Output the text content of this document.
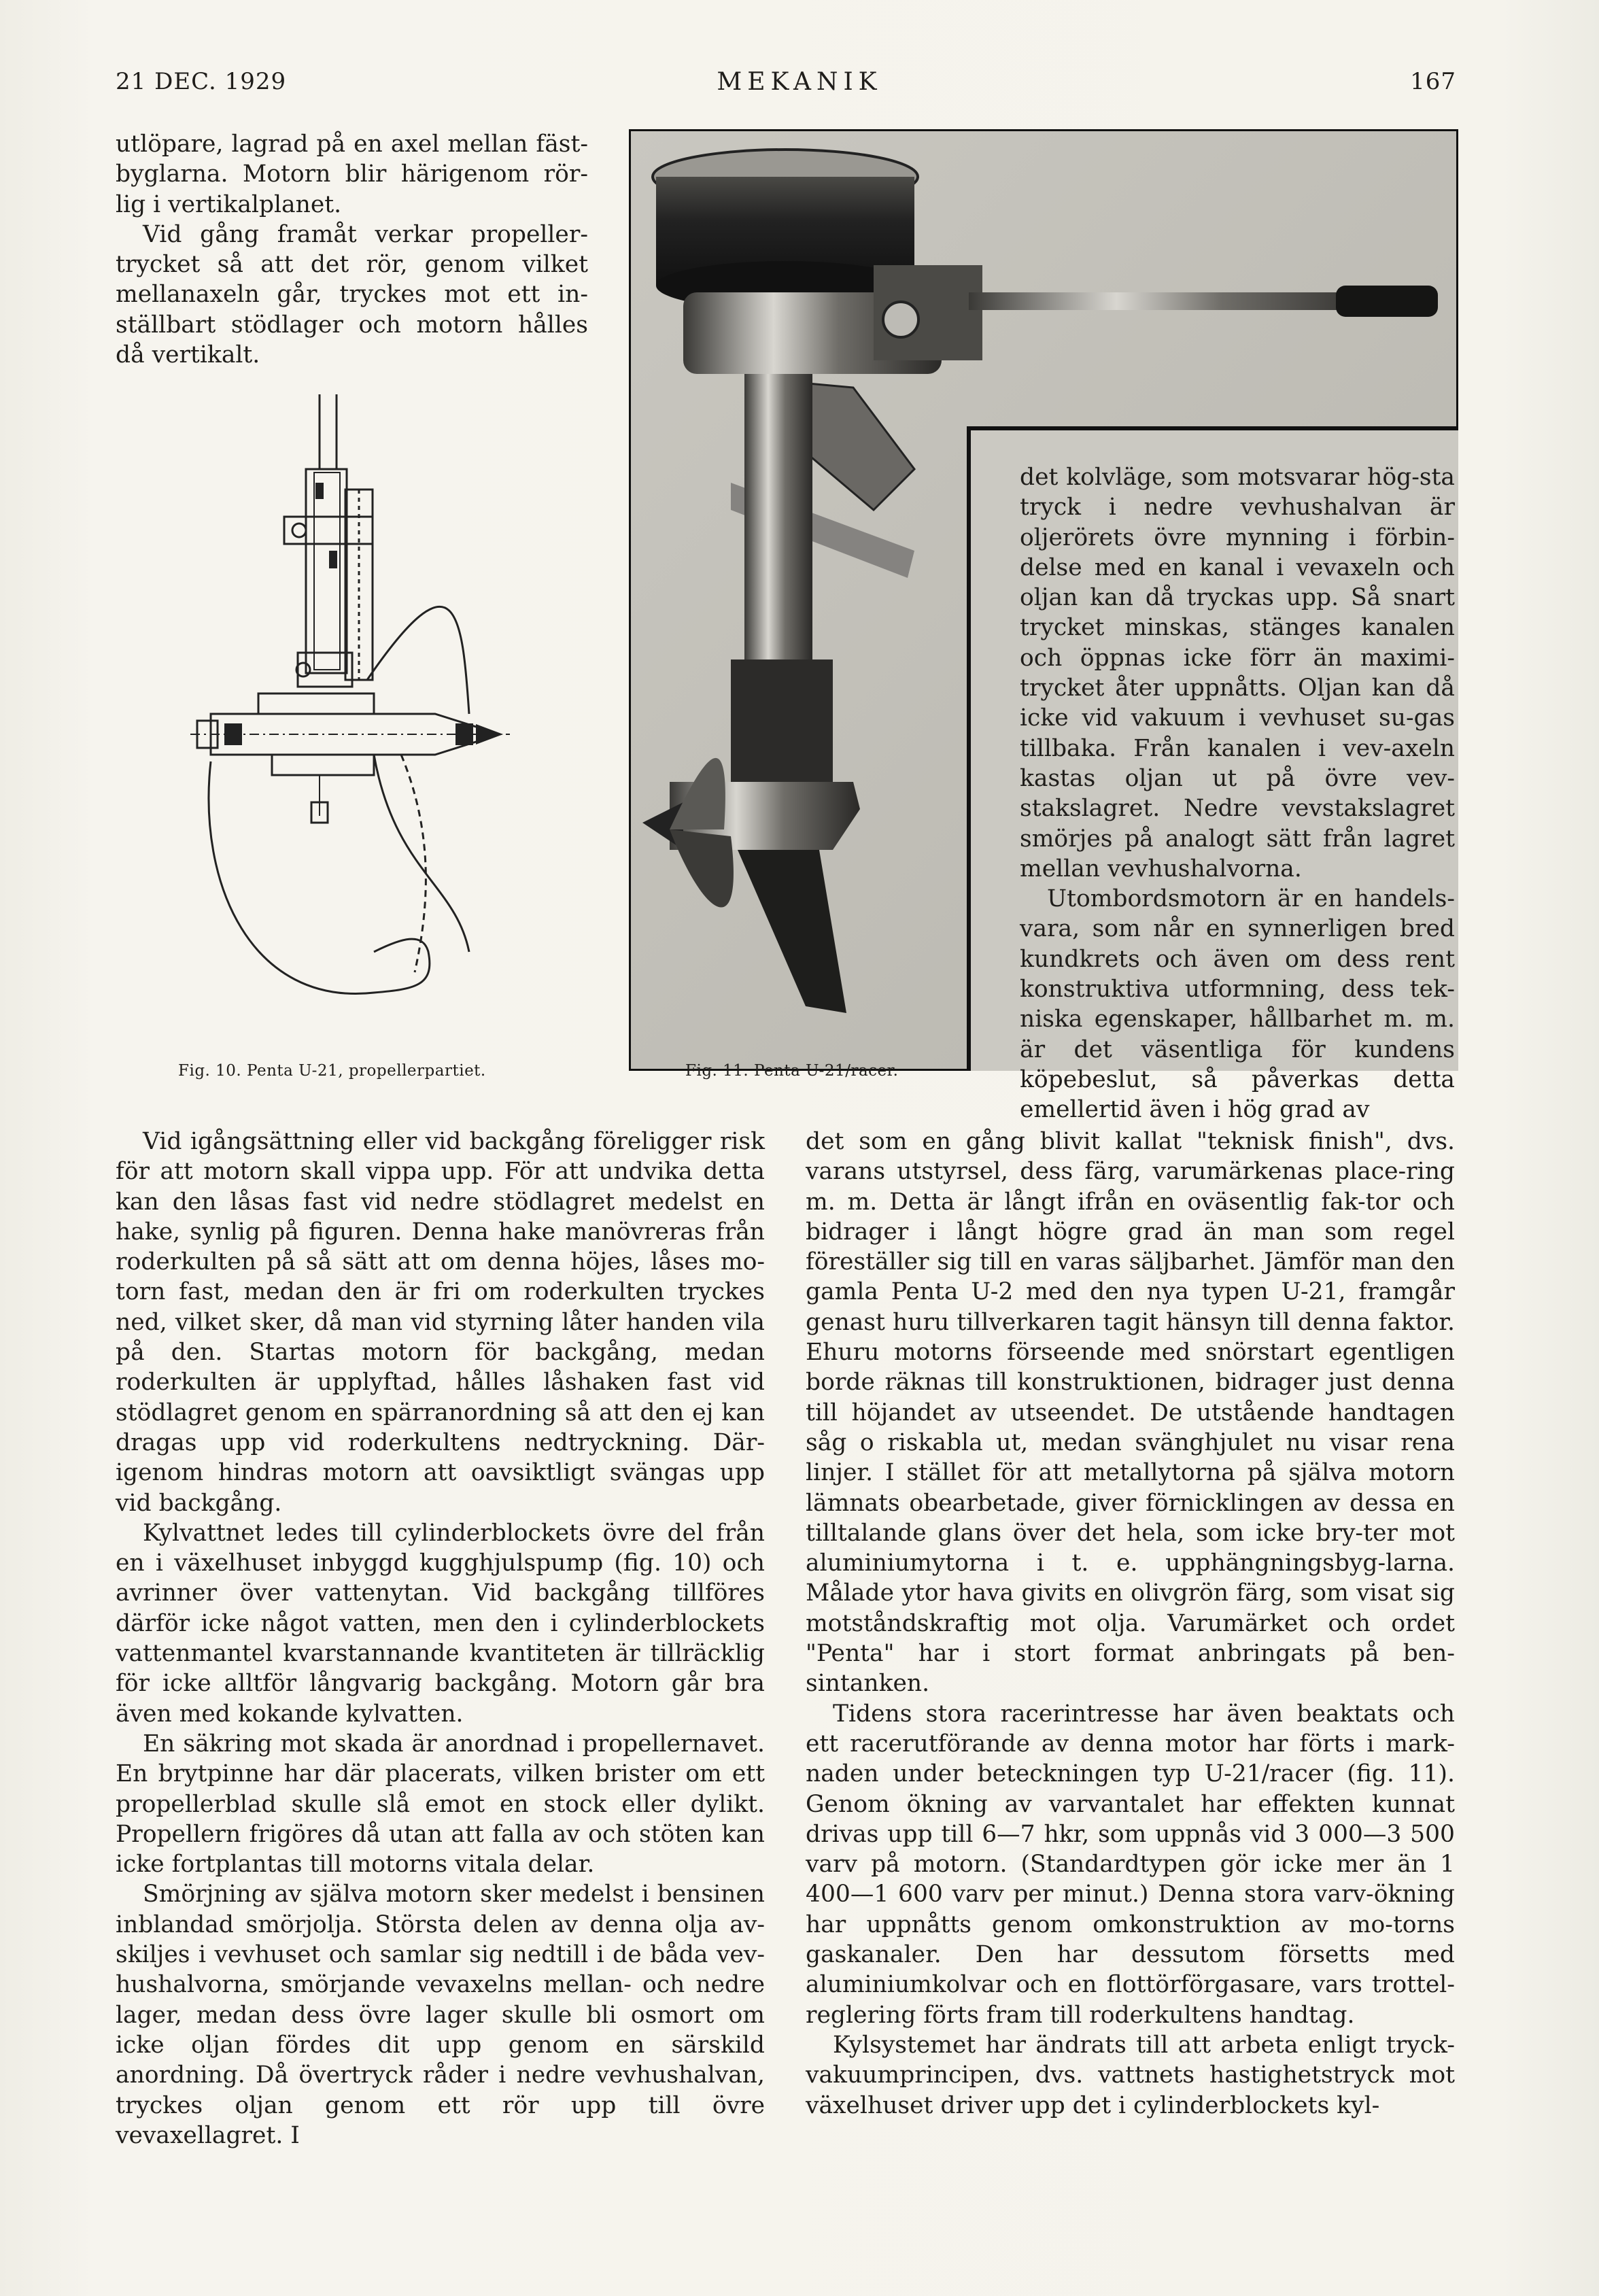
21 DEC. 1929	MEKANIK	167

utlöpare, lagrad på en axel mellan fäst-byglarna. Motorn blir härigenom rör-lig i vertikalplanet.

Vid gång framåt verkar propeller-trycket så att det rör, genom vilket mellanaxeln går, tryckes mot ett in-ställbart stödlager och motorn hålles då vertikalt.

det kolvläge, som motsvarar hög-sta tryck i nedre vevhushalvan är oljerörets övre mynning i förbin-delse med en kanal i vevaxeln och oljan kan då tryckas upp. Så snart trycket minskas, stänges kanalen och öppnas icke förr än maximi-trycket åter uppnåtts. Oljan kan då icke vid vakuum i vevhuset su-gas tillbaka. Från kanalen i vev-axeln kastas oljan ut på övre vev-stakslagret. Nedre vevstakslagret smörjes på analogt sätt från lagret mellan vevhushalvorna.

Utombordsmotorn är en handels-vara, som når en synnerligen bred kundkrets och även om dess rent konstruktiva utformning, dess tek-niska egenskaper, hållbarhet m. m. är det väsentliga för kundens köpebeslut, så påverkas detta emellertid även i hög grad av

Fig. 10. Penta U-21, propellerpartiet.	Fig. 11. Penta U-21/racer.

Vid igångsättning eller vid backgång föreligger risk för att motorn skall vippa upp. För att undvika detta kan den låsas fast vid nedre stödlagret medelst en hake, synlig på figuren. Denna hake manövreras från roderkulten på så sätt att om denna höjes, låses mo-torn fast, medan den är fri om roderkulten tryckes ned, vilket sker, då man vid styrning låter handen vila på den. Startas motorn för backgång, medan roderkulten är upplyftad, hålles låshaken fast vid stödlagret genom en spärranordning så att den ej kan dragas upp vid roderkultens nedtryckning. Där-igenom hindras motorn att oavsiktligt svängas upp vid backgång.

Kylvattnet ledes till cylinderblockets övre del från en i växelhuset inbyggd kugghjulspump (fig. 10) och avrinner över vattenytan. Vid backgång tillföres därför icke något vatten, men den i cylinderblockets vattenmantel kvarstannande kvantiteten är tillräcklig för icke alltför långvarig backgång. Motorn går bra även med kokande kylvatten.

En säkring mot skada är anordnad i propellernavet. En brytpinne har där placerats, vilken brister om ett propellerblad skulle slå emot en stock eller dylikt. Propellern frigöres då utan att falla av och stöten kan icke fortplantas till motorns vitala delar.

Smörjning av själva motorn sker medelst i bensinen inblandad smörjolja. Största delen av denna olja av-skiljes i vevhuset och samlar sig nedtill i de båda vev-hushalvorna, smörjande vevaxelns mellan- och nedre lager, medan dess övre lager skulle bli osmort om icke oljan fördes dit upp genom en särskild anordning. Då övertryck råder i nedre vevhushalvan, tryckes oljan genom ett rör upp till övre vevaxellagret. I

det som en gång blivit kallat "teknisk finish", dvs. varans utstyrsel, dess färg, varumärkenas place-ring m. m. Detta är långt ifrån en oväsentlig fak-tor och bidrager i långt högre grad än man som regel föreställer sig till en varas säljbarhet. Jämför man den gamla Penta U-2 med den nya typen U-21, framgår genast huru tillverkaren tagit hänsyn till denna faktor. Ehuru motorns förseende med snörstart egentligen borde räknas till konstruktionen, bidrager just denna till höjandet av utseendet. De utstående handtagen såg o riskabla ut, medan svänghjulet nu visar rena linjer. I stället för att metallytorna på själva motorn lämnats obearbetade, giver förnicklingen av dessa en tilltalande glans över det hela, som icke bry-ter mot aluminiumytorna i t. e. upphängningsbyg-larna. Målade ytor hava givits en olivgrön färg, som visat sig motståndskraftig mot olja. Varumärket och ordet "Penta" har i stort format anbringats på ben-sintanken.

Tidens stora racerintresse har även beaktats och ett racerutförande av denna motor har förts i mark-naden under beteckningen typ U-21/racer (fig. 11). Genom ökning av varvantalet har effekten kunnat drivas upp till 6—7 hkr, som uppnås vid 3 000—3 500 varv på motorn. (Standardtypen gör icke mer än 1 400—1 600 varv per minut.) Denna stora varv-ökning har uppnåtts genom omkonstruktion av mo-torns gaskanaler. Den har dessutom försetts med aluminiumkolvar och en flottörförgasare, vars trottel-reglering förts fram till roderkultens handtag.

Kylsystemet har ändrats till att arbeta enligt tryck-vakuumprincipen, dvs. vattnets hastighetstryck mot växelhuset driver upp det i cylinderblockets kyl-
